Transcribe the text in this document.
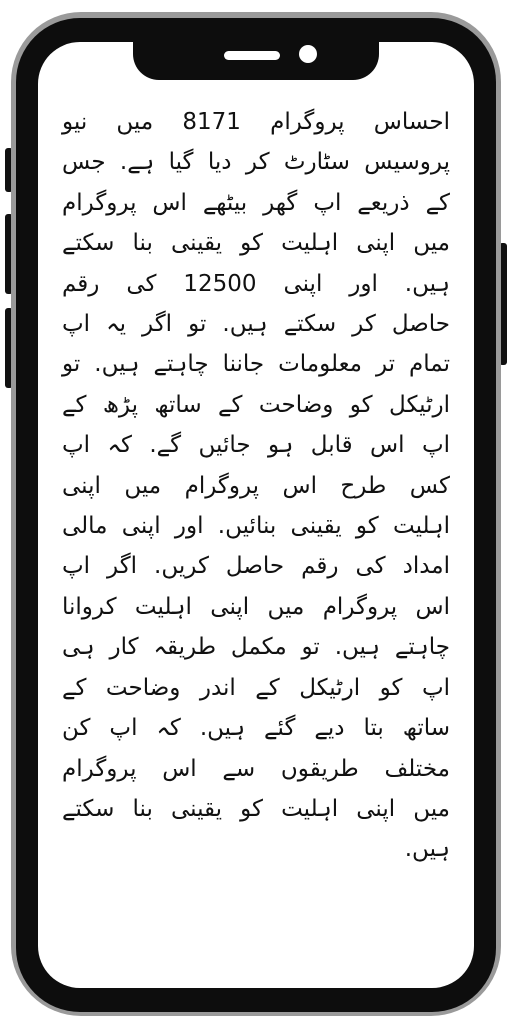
احساس پروگرام 8171 میں نیو پروسیس سٹارٹ کر دیا گیا ہے. جس کے ذریعے اپ گھر بیٹھے اس پروگرام میں اپنی اہلیت کو یقینی بنا سکتے ہیں. اور اپنی 12500 کی رقم حاصل کر سکتے ہیں. تو اگر یہ اپ تمام تر معلومات جاننا چاہتے ہیں. تو ارٹیکل کو وضاحت کے ساتھ پڑھ کے اپ اس قابل ہو جائیں گے. کہ اپ کس طرح اس پروگرام میں اپنی اہلیت کو یقینی بنائیں. اور اپنی مالی امداد کی رقم حاصل کریں. اگر اپ اس پروگرام میں اپنی اہلیت کروانا چاہتے ہیں. تو مکمل طریقہ کار ہی اپ کو ارٹیکل کے اندر وضاحت کے ساتھ بتا دیے گئے ہیں. کہ اپ کن مختلف طریقوں سے اس پروگرام میں اپنی اہلیت کو یقینی بنا سکتے ہیں.
